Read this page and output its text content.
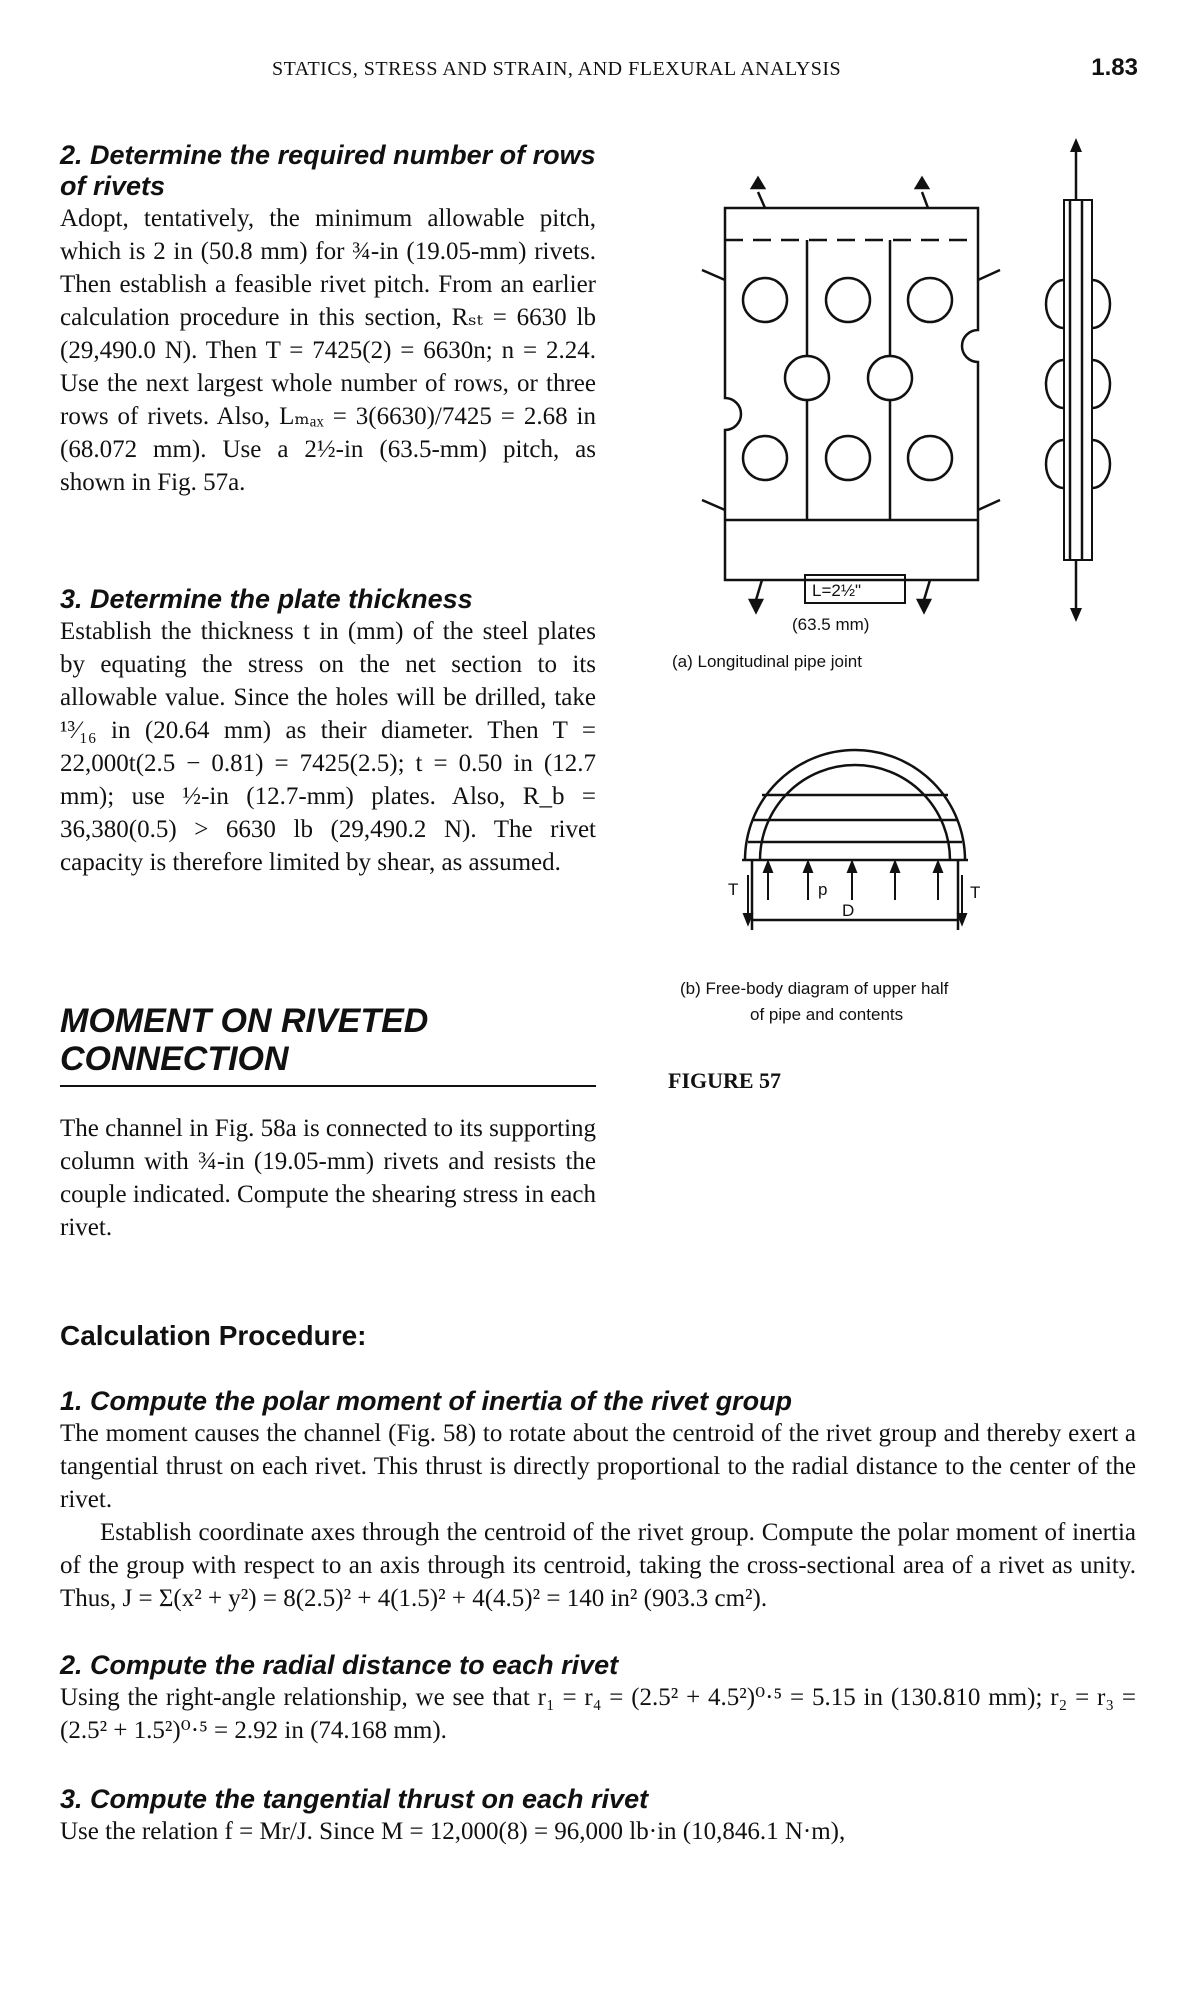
STATICS, STRESS AND STRAIN, AND FLEXURAL ANALYSIS	1.83

2. Determine the required number of rows of rivets

Adopt, tentatively, the minimum allowable pitch, which is 2 in (50.8 mm) for ¾-in (19.05-mm) rivets. Then establish a feasible rivet pitch. From an earlier calculation procedure in this section, Rₛₜ = 6630 lb (29,490.0 N). Then T = 7425(2) = 6630n; n = 2.24. Use the next largest whole number of rows, or three rows of rivets. Also, Lₘₐₓ = 3(6630)/7425 = 2.68 in (68.072 mm). Use a 2½-in (63.5-mm) pitch, as shown in Fig. 57a.

3. Determine the plate thickness

Establish the thickness t in (mm) of the steel plates by equating the stress on the net section to its allowable value. Since the holes will be drilled, take ¹³⁄₁₆ in (20.64 mm) as their diameter. Then T = 22,000t(2.5 − 0.81) = 7425(2.5); t = 0.50 in (12.7 mm); use ½-in (12.7-mm) plates. Also, R_b = 36,380(0.5) > 6630 lb (29,490.2 N). The rivet capacity is therefore limited by shear, as assumed.

MOMENT ON RIVETED

CONNECTION

The channel in Fig. 58a is connected to its supporting column with ¾-in (19.05-mm) rivets and resists the couple indicated. Compute the shearing stress in each rivet.

L=2½"
(63.5 mm)
(a) Longitudinal pipe joint
T	T
p
D
(b) Free-body diagram of upper half
of pipe and contents
FIGURE 57

Calculation Procedure:

1. Compute the polar moment of inertia of the rivet group

The moment causes the channel (Fig. 58) to rotate about the centroid of the rivet group and thereby exert a tangential thrust on each rivet. This thrust is directly proportional to the radial distance to the center of the rivet.

Establish coordinate axes through the centroid of the rivet group. Compute the polar moment of inertia of the group with respect to an axis through its centroid, taking the cross-sectional area of a rivet as unity. Thus, J = Σ(x² + y²) = 8(2.5)² + 4(1.5)² + 4(4.5)² = 140 in² (903.3 cm²).

2. Compute the radial distance to each rivet

Using the right-angle relationship, we see that r₁ = r₄ = (2.5² + 4.5²)⁰·⁵ = 5.15 in (130.810 mm); r₂ = r₃ = (2.5² + 1.5²)⁰·⁵ = 2.92 in (74.168 mm).

3. Compute the tangential thrust on each rivet

Use the relation f = Mr/J. Since M = 12,000(8) = 96,000 lb·in (10,846.1 N·m),
